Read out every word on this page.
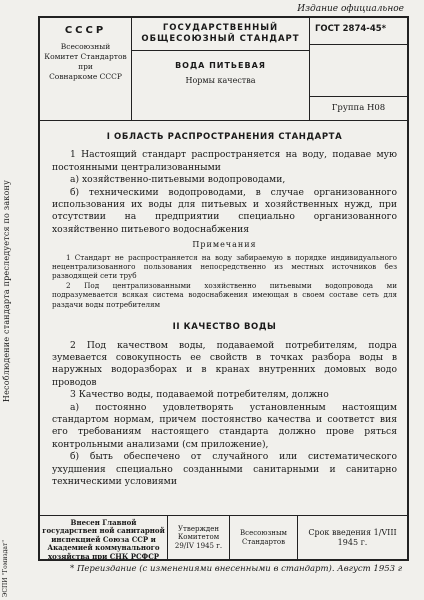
Издание официальное
Несоблюдение стандарта преследуется по закону
ЭСПИ "Гомиздат"
СССР
Всесоюзный
Комитет Стандартов
при
Совнаркоме СССР
ГОСУДАРСТВЕННЫЙ
ОБЩЕСОЮЗНЫЙ СТАНДАРТ
ВОДА ПИТЬЕВАЯ
Нормы качества
ГОСТ 2874-45*
Группа Н08
I ОБЛАСТЬ РАСПРОСТРАНЕНИЯ СТАНДАРТА

1 Настоящий стандарт распространяется на воду, подавае мую постоянными централизованными

а) хозяйственно-питьевыми водопроводами,

б) техническими водопроводами, в случае организованного использования их воды для питьевых и хозяйственных нужд, при отсутствии на предприятии специально организованного хозяйственно питьевого водоснабжения

Примечания

1 Стандарт не распространяется на воду забираемую в порядке индивидуального нецентрализованного пользования непосредственно из местных источников без разводящей сети труб

2 Под централизованными хозяйственно питьевыми водопровода ми подразумевается всякая система водоснабжения имеющая в своем составе сеть для раздачи воды потребителям

II КАЧЕСТВО ВОДЫ

2 Под качеством воды, подаваемой потребителям, подра зумевается совокупность ее свойств в точках разбора воды в наружных водоразборах и в кранах внутренних домовых водо проводов

3 Качество воды, подаваемой потребителям, должно

а) постоянно удовлетворять установленным настоящим стандартом нормам, причем постоянство качества и соответст вия его требованиям настоящего стандарта должно прове ряться контрольными анализами (см приложение),

б) быть обеспечено от случайного или систематического ухудшения специально созданными санитарными и санитарно техническими условиями

Внесен Главной государствен ной санитарной инспекцией Союза ССР и Академией коммунального хозяйства при СНК РСФСР
Утвержден Комитетом 29/IV 1945 г.
Всесоюзным Стандартов
Срок введения 1/VIII 1945 г.
* Переиздание (с изменениями внесенными в стандарт). Август 1953 г
